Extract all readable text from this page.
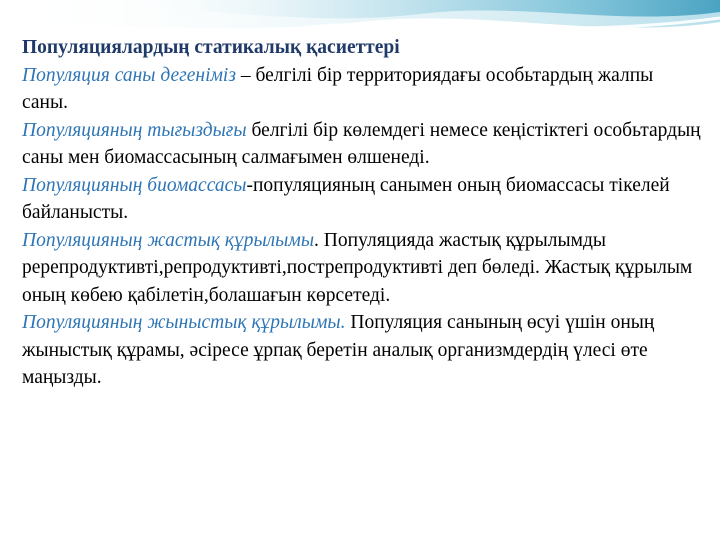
Популяциялардың статикалық қасиеттері

Популяция саны дегеніміз – белгілі бір территориядағы особьтардың жалпы саны.

Популяцияның тығыздығы белгілі бір көлемдегі немесе кеңістіктегі особьтардың саны мен биомассасының салмағымен өлшенеді.

Популяцияның биомассасы-популяцияның санымен оның биомассасы тікелей байланысты.

Популяцияның жастық құрылымы. Популяцияда жастық құрылымды ререпродуктивті,репродуктивті,пострепродуктивті деп бөледі. Жастық құрылым оның көбею қабілетін,болашағын көрсетеді.

Популяцияның жыныстық құрылымы. Популяция санының өсуі үшін оның жыныстық құрамы, әсіресе ұрпақ беретін аналық организмдердің үлесі өте маңызды.
